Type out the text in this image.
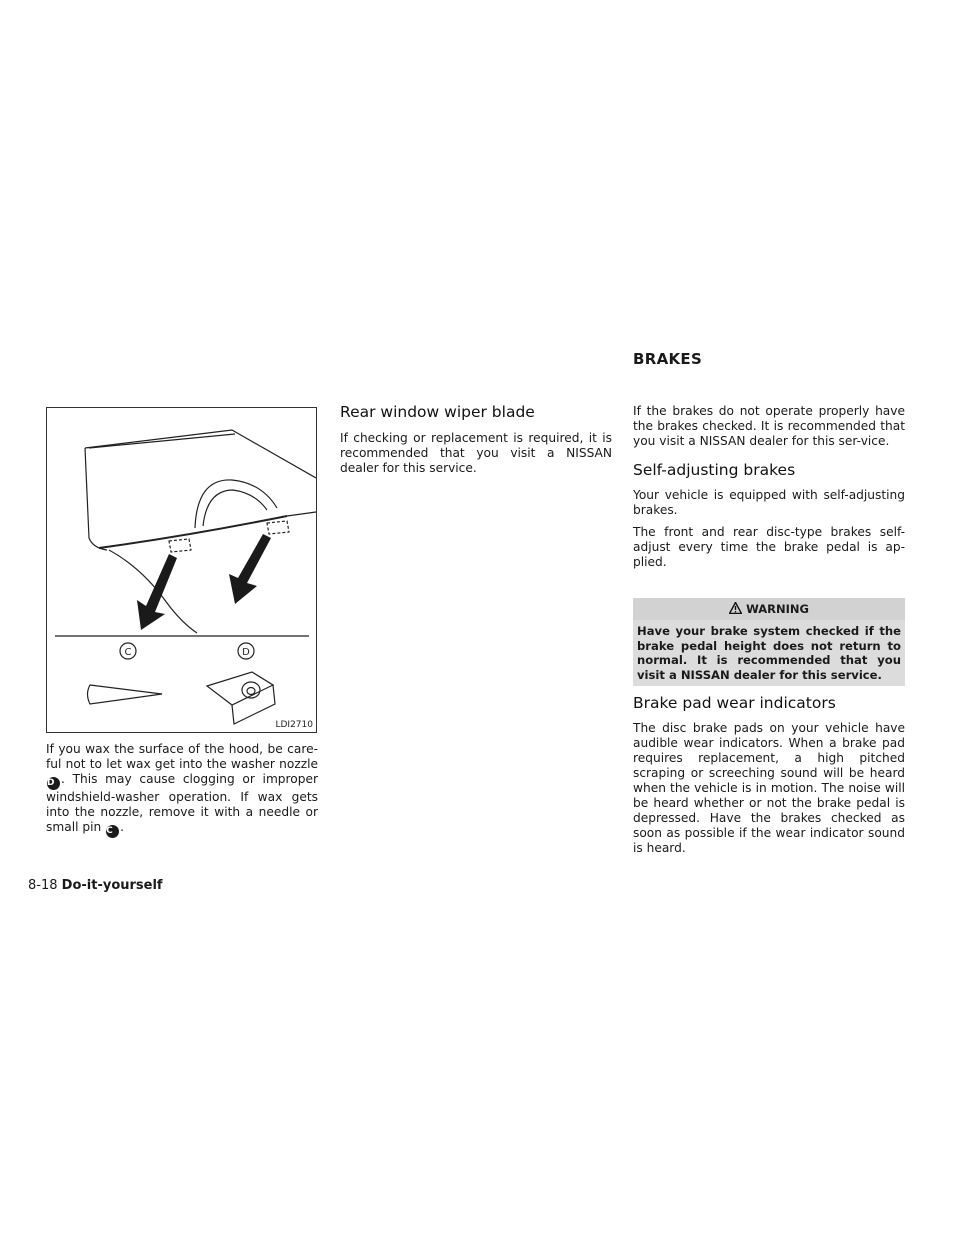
BRAKES
C	D
LDI2710

If you wax the surface of the hood, be care-ful not to let wax get into the washer nozzle D . This may cause clogging or improper windshield-washer operation. If wax gets into the nozzle, remove it with a needle or small pin C .

Rear window wiper blade

If checking or replacement is required, it is recommended that you visit a NISSAN dealer for this service.

If the brakes do not operate properly have the brakes checked. It is recommended that you visit a NISSAN dealer for this ser-vice.

Self-adjusting brakes

Your vehicle is equipped with self-adjusting brakes.

The front and rear disc-type brakes self-adjust every time the brake pedal is ap-plied.

WARNING
Have your brake system checked if the brake pedal height does not return to normal. It is recommended that you visit a NISSAN dealer for this service.
Brake pad wear indicators

The disc brake pads on your vehicle have audible wear indicators. When a brake pad requires replacement, a high pitched scraping or screeching sound will be heard when the vehicle is in motion. The noise will be heard whether or not the brake pedal is depressed. Have the brakes checked as soon as possible if the wear indicator sound is heard.

8-18 Do-it-yourself
